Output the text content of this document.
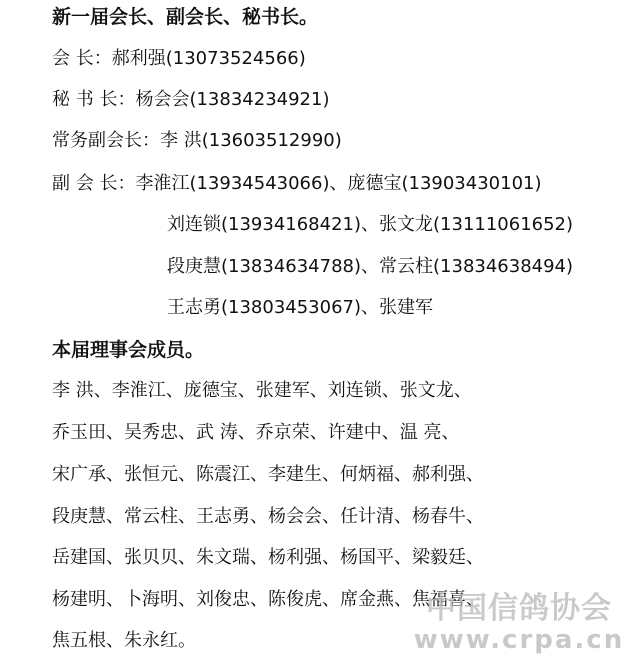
新一届会长、副会长、秘书长。
会 长：郝利强(13073524566)
秘 书 长：杨会会(13834234921)
常务副会长：李 洪(13603512990)
副 会 长：李淮江(13934543066)、庞德宝(13903430101)
刘连锁(13934168421)、张文龙(13111061652)
段庚慧(13834634788)、常云柱(13834638494)
王志勇(13803453067)、张建军
本届理事会成员。
李 洪、李淮江、庞德宝、张建军、刘连锁、张文龙、
乔玉田、吴秀忠、武 涛、乔京荣、许建中、温 亮、
宋广承、张恒元、陈震江、李建生、何炳福、郝利强、
段庚慧、常云柱、王志勇、杨会会、任计清、杨春牛、
岳建国、张贝贝、朱文瑞、杨利强、杨国平、梁毅廷、
杨建明、卜海明、刘俊忠、陈俊虎、席金燕、焦福喜、
焦五根、朱永红。
中国信鸽协会
www.crpa.cn
